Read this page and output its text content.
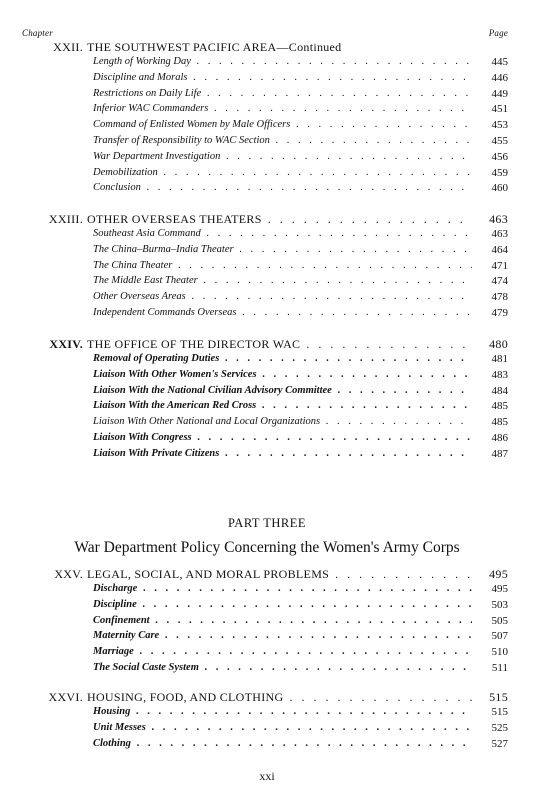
Chapter	Page
XXII. THE SOUTHWEST PACIFIC AREA—Continued
Length of Working Day . . .	445
Discipline and Morals . . .	446
Restrictions on Daily Life . . .	449
Inferior WAC Commanders . . .	451
Command of Enlisted Women by Male Officers . . .	453
Transfer of Responsibility to WAC Section . . .	455
War Department Investigation . . .	456
Demobilization . . .	459
Conclusion . . .	460
XXIII. OTHER OVERSEAS THEATERS . . .	463
Southeast Asia Command . . .	463
The China–Burma–India Theater . . .	464
The China Theater . . .	471
The Middle East Theater . . .	474
Other Overseas Areas . . .	478
Independent Commands Overseas . . .	479
XXIV. THE OFFICE OF THE DIRECTOR WAC . . .	480
Removal of Operating Duties . . .	481
Liaison With Other Women's Services . . .	483
Liaison With the National Civilian Advisory Committee . . .	484
Liaison With the American Red Cross . . .	485
Liaison With Other National and Local Organizations . . .	485
Liaison With Congress . . .	486
Liaison With Private Citizens . . .	487
PART THREE
War Department Policy Concerning the Women's Army Corps
XXV. LEGAL, SOCIAL, AND MORAL PROBLEMS . . .	495
Discharge . . .	495
Discipline . . .	503
Confinement . . .	505
Maternity Care . . .	507
Marriage . . .	510
The Social Caste System . . .	511
XXVI. HOUSING, FOOD, AND CLOTHING . . .	515
Housing . . .	515
Unit Messes . . .	525
Clothing . . .	527
xxi
